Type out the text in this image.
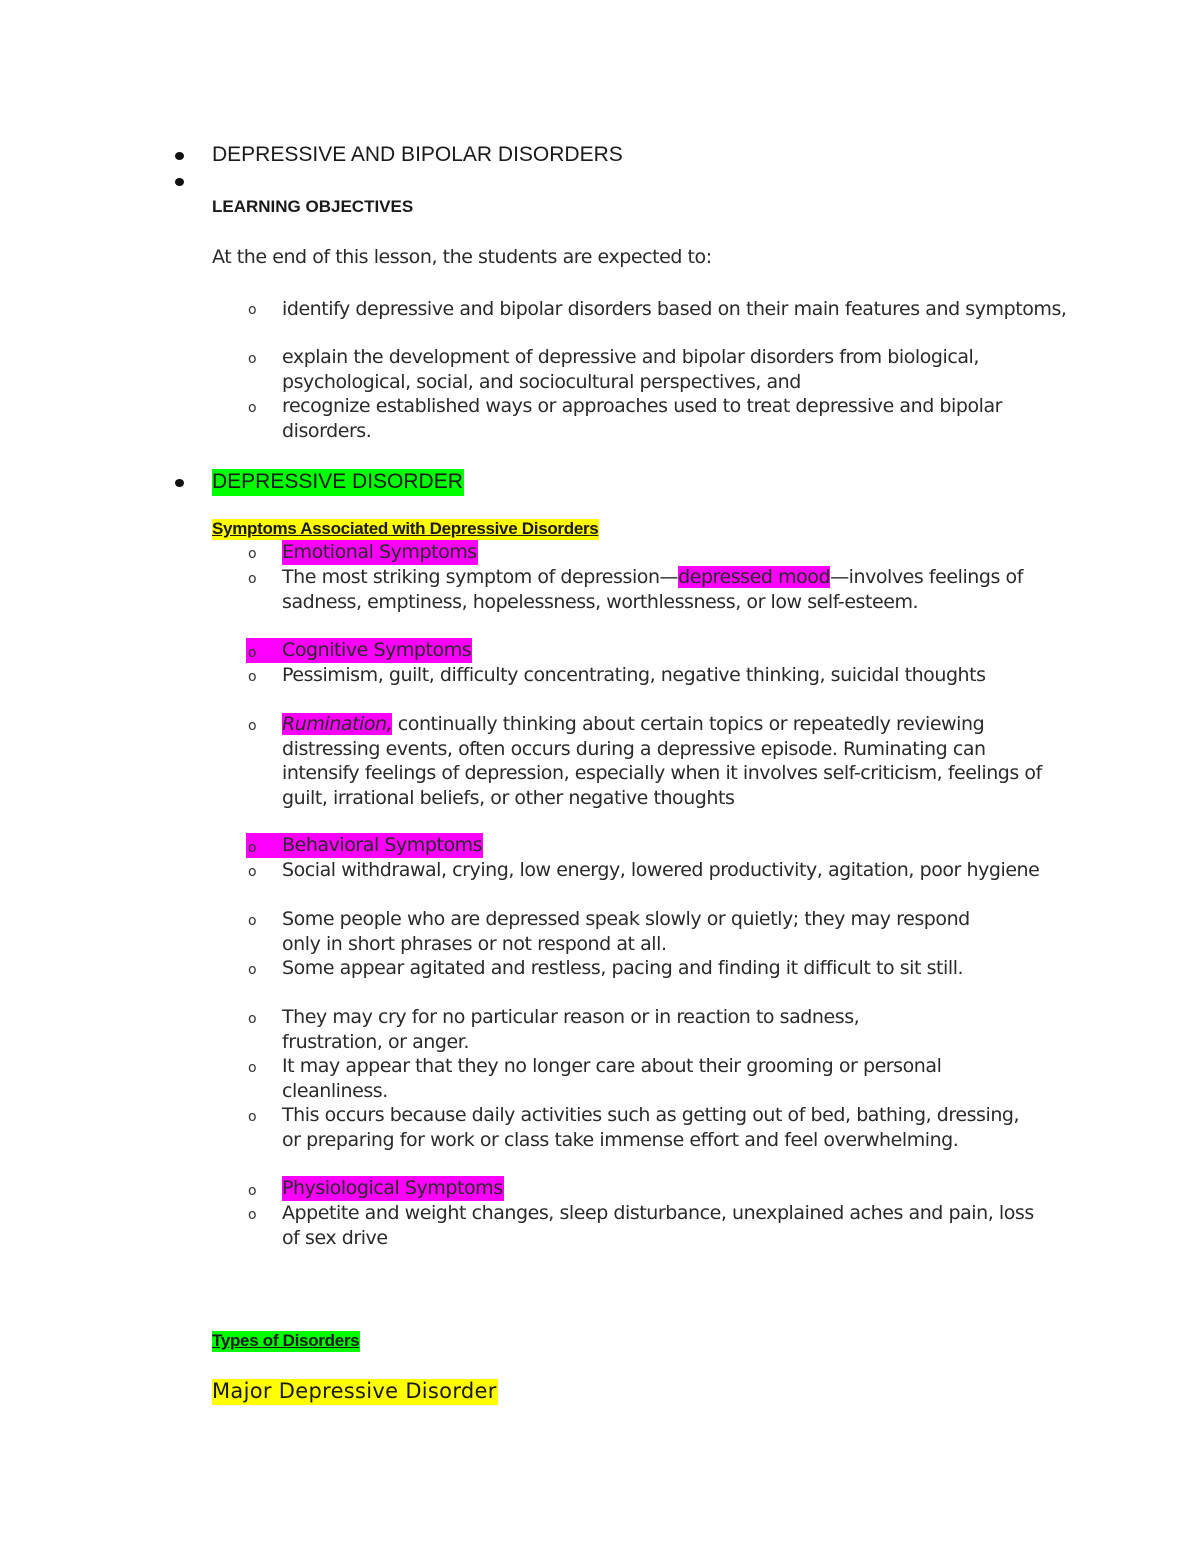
DEPRESSIVE AND BIPOLAR DISORDERS
LEARNING OBJECTIVES
At the end of this lesson, the students are expected to:
o identify depressive and bipolar disorders based on their main features and symptoms,
o explain the development of depressive and bipolar disorders from biological, psychological, social, and sociocultural perspectives, and
o recognize established ways or approaches used to treat depressive and bipolar disorders.
DEPRESSIVE DISORDER
Symptoms Associated with Depressive Disorders
o Emotional Symptoms
o The most striking symptom of depression—depressed mood—involves feelings of sadness, emptiness, hopelessness, worthlessness, or low self-esteem.
o Cognitive Symptoms
o Pessimism, guilt, difficulty concentrating, negative thinking, suicidal thoughts
o Rumination, continually thinking about certain topics or repeatedly reviewing distressing events, often occurs during a depressive episode. Ruminating can intensify feelings of depression, especially when it involves self-criticism, feelings of guilt, irrational beliefs, or other negative thoughts
o Behavioral Symptoms
o Social withdrawal, crying, low energy, lowered productivity, agitation, poor hygiene
o Some people who are depressed speak slowly or quietly; they may respond only in short phrases or not respond at all.
o Some appear agitated and restless, pacing and finding it difficult to sit still.
o They may cry for no particular reason or in reaction to sadness, frustration, or anger.
o It may appear that they no longer care about their grooming or personal cleanliness.
o This occurs because daily activities such as getting out of bed, bathing, dressing, or preparing for work or class take immense effort and feel overwhelming.
o Physiological Symptoms
o Appetite and weight changes, sleep disturbance, unexplained aches and pain, loss of sex drive
Types of Disorders
Major Depressive Disorder
